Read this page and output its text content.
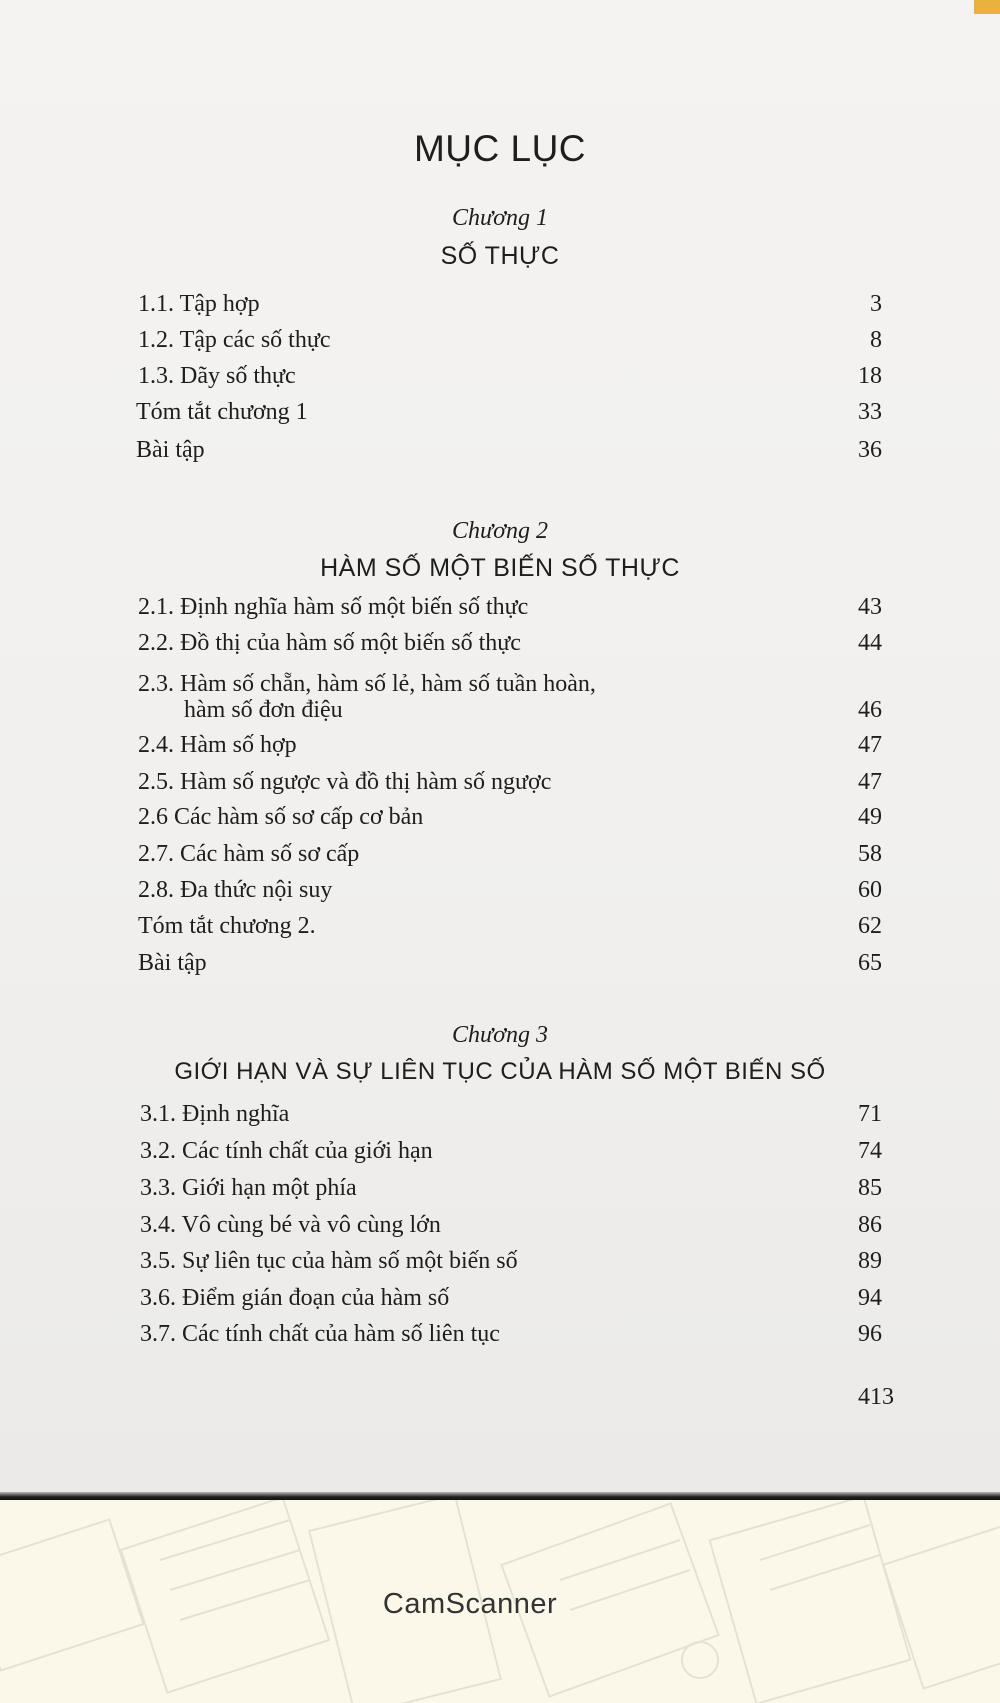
MỤC LỤC
Chương 1
SỐ THỰC
1.1. Tập hợp	3
1.2. Tập các số thực	8
1.3. Dãy số thực	18
Tóm tắt chương 1	33
Bài tập	36
Chương 2
HÀM SỐ MỘT BIẾN SỐ THỰC
2.1. Định nghĩa hàm số một biến số thực	43
2.2. Đồ thị của hàm số một biến số thực	44
2.3. Hàm số chẵn, hàm số lẻ, hàm số tuần hoàn,
hàm số đơn điệu	46
2.4. Hàm số hợp	47
2.5. Hàm số ngược và đồ thị hàm số ngược	47
2.6 Các hàm số sơ cấp cơ bản	49
2.7. Các hàm số sơ cấp	58
2.8. Đa thức nội suy	60
Tóm tắt chương 2.	62
Bài tập	65
Chương 3
GIỚI HẠN VÀ SỰ LIÊN TỤC CỦA HÀM SỐ MỘT BIẾN SỐ
3.1. Định nghĩa	71
3.2. Các tính chất của giới hạn	74
3.3. Giới hạn một phía	85
3.4. Vô cùng bé và vô cùng lớn	86
3.5. Sự liên tục của hàm số một biến số	89
3.6. Điểm gián đoạn của hàm số	94
3.7. Các tính chất của hàm số liên tục	96
413
CamScanner
